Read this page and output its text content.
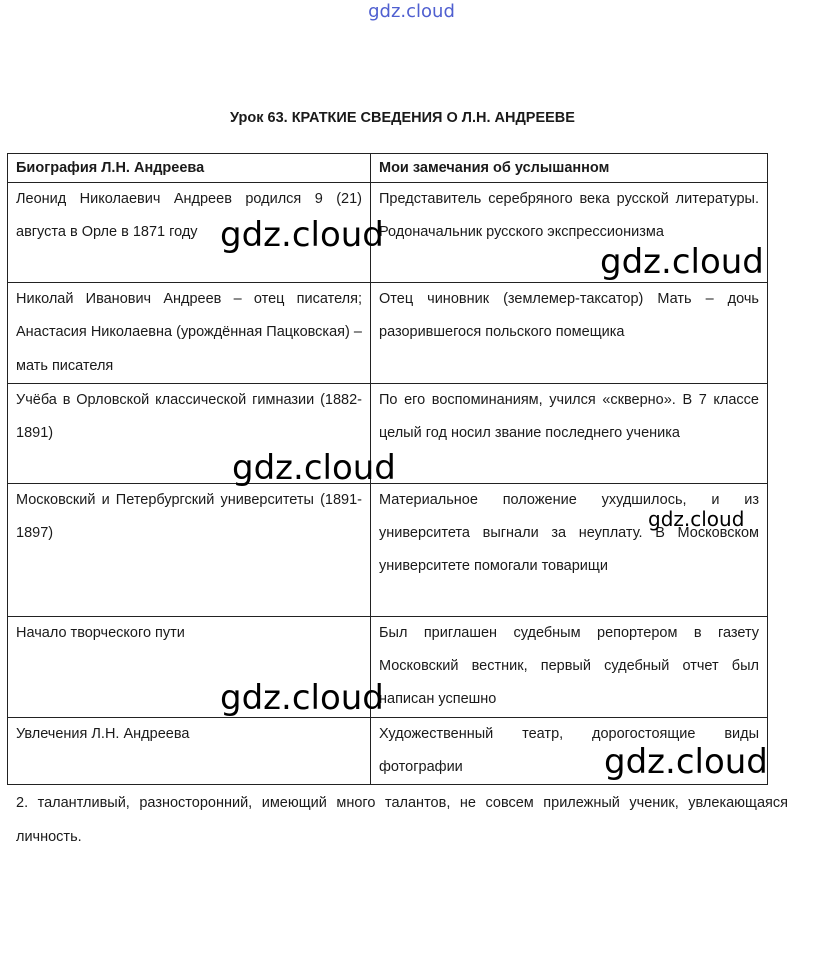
gdz.cloud
Урок 63. КРАТКИЕ СВЕДЕНИЯ О Л.Н. АНДРЕЕВЕ
Биография Л.Н. Андреева	Мои замечания об услышанном
Леонид Николаевич Андреев родился 9 (21) августа в Орле в 1871 году	Представитель серебряного века русской литературы. Родоначальник русского экспрессионизма
Николай Иванович Андреев – отец писателя; Анастасия Николаевна (урождённая Пацковская) – мать писателя	Отец чиновник (землемер-таксатор) Мать – дочь разорившегося польского помещика
Учёба в Орловской классической гимназии (1882-1891)	По его воспоминаниям, учился «скверно». В 7 классе целый год носил звание последнего ученика
Московский и Петербургский университеты (1891-1897)	Материальное положение ухудшилось, и из университета выгнали за неуплату. В Московском университете помогали товарищи
Начало творческого пути	Был приглашен судебным репортером в газету Московский вестник, первый судебный отчет был написан успешно
Увлечения Л.Н. Андреева	Художественный театр, дорогостоящие виды фотографии
2. талантливый, разносторонний, имеющий много талантов, не совсем прилежный ученик, увлекающаяся личность.
gdz.cloud
gdz.cloud
gdz.cloud
gdz.cloud
gdz.cloud
gdz.cloud
